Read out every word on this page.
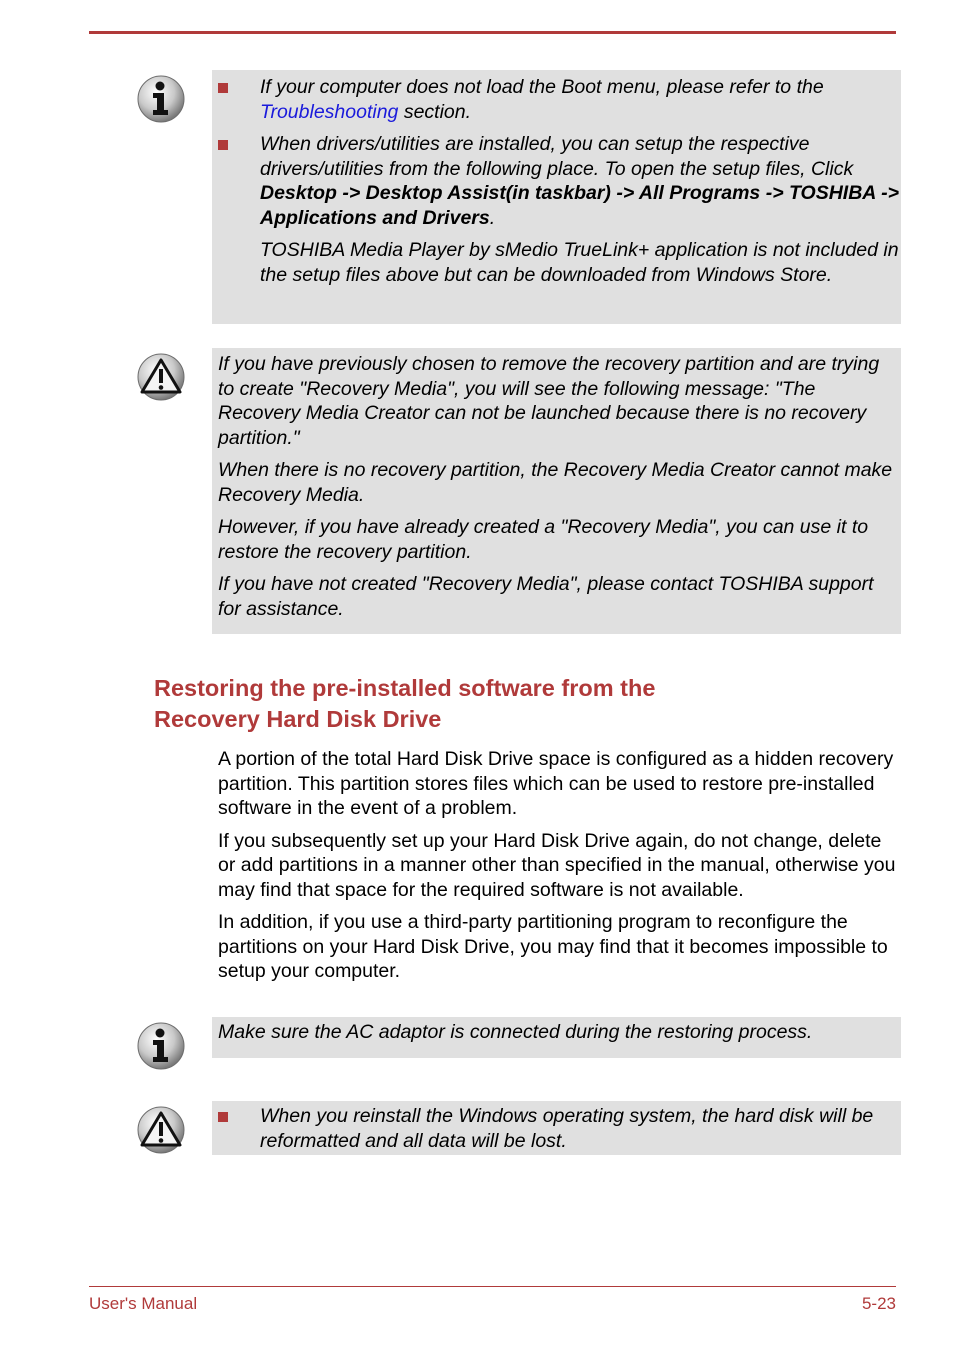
If your computer does not load the Boot menu, please refer to the
Troubleshooting section.

When drivers/utilities are installed, you can setup the respective drivers/utilities from the following place. To open the setup files, Click Desktop -> Desktop Assist(in taskbar) -> All Programs -> TOSHIBA -> Applications and Drivers.

TOSHIBA Media Player by sMedio TrueLink+ application is not included in the setup files above but can be downloaded from Windows Store.

If you have previously chosen to remove the recovery partition and are trying to create "Recovery Media", you will see the following message: "The Recovery Media Creator can not be launched because there is no recovery partition."

When there is no recovery partition, the Recovery Media Creator cannot make Recovery Media.

However, if you have already created a "Recovery Media", you can use it to restore the recovery partition.

If you have not created "Recovery Media", please contact TOSHIBA support for assistance.

Restoring the pre-installed software from the
Recovery Hard Disk Drive

A portion of the total Hard Disk Drive space is configured as a hidden recovery partition. This partition stores files which can be used to restore pre-installed software in the event of a problem.

If you subsequently set up your Hard Disk Drive again, do not change, delete or add partitions in a manner other than specified in the manual, otherwise you may find that space for the required software is not available.

In addition, if you use a third-party partitioning program to reconfigure the partitions on your Hard Disk Drive, you may find that it becomes impossible to setup your computer.

Make sure the AC adaptor is connected during the restoring process.

When you reinstall the Windows operating system, the hard disk will be reformatted and all data will be lost.

User's Manual	5-23
